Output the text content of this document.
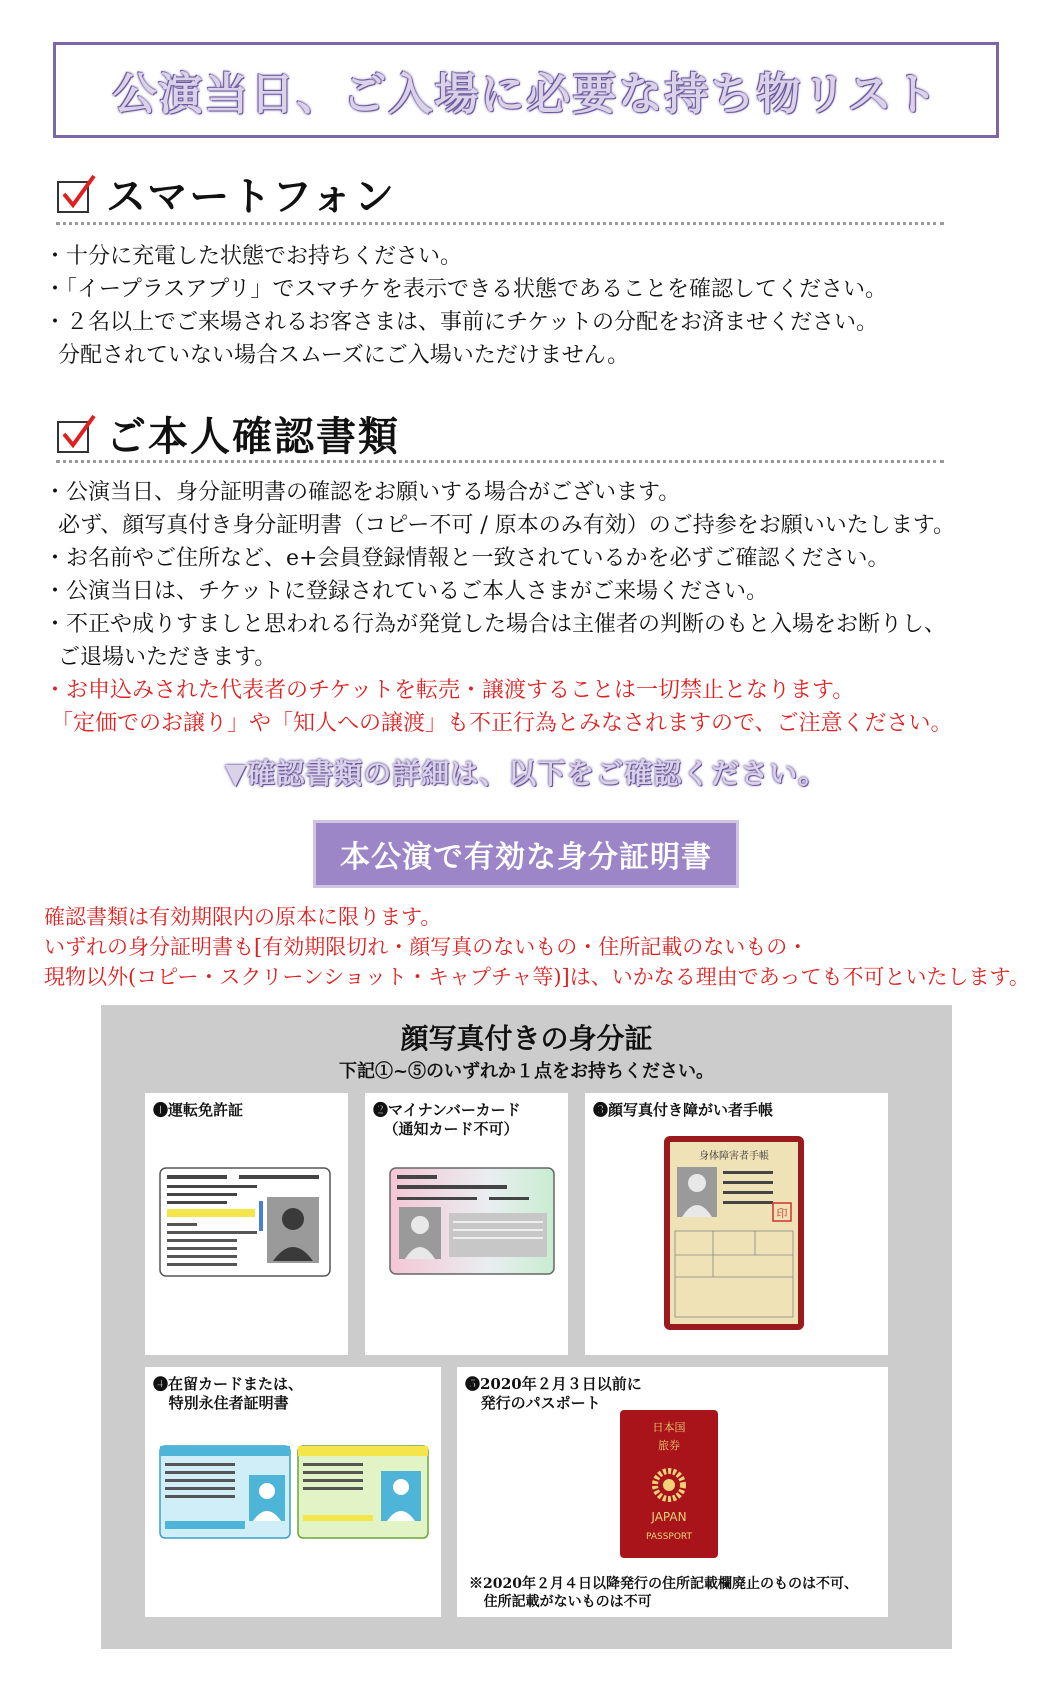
公演当日、ご入場に必要な持ち物リスト
スマートフォン
・十分に充電した状態でお持ちください。
・「イープラスアプリ」でスマチケを表示できる状態であることを確認してください。
・２名以上でご来場されるお客さまは、事前にチケットの分配をお済ませください。
分配されていない場合スムーズにご入場いただけません。
ご本人確認書類
・公演当日、身分証明書の確認をお願いする場合がございます。
必ず、顔写真付き身分証明書（コピー不可 / 原本のみ有効）のご持参をお願いいたします。
・お名前やご住所など、e+会員登録情報と一致されているかを必ずご確認ください。
・公演当日は、チケットに登録されているご本人さまがご来場ください。
・不正や成りすましと思われる行為が発覚した場合は主催者の判断のもと入場をお断りし、
ご退場いただきます。
・お申込みされた代表者のチケットを転売・譲渡することは一切禁止となります。
「定価でのお譲り」や「知人への譲渡」も不正行為とみなされますので、ご注意ください。
▼確認書類の詳細は、以下をご確認ください。
本公演で有効な身分証明書
確認書類は有効期限内の原本に限ります。
いずれの身分証明書も[有効期限切れ・顔写真のないもの・住所記載のないもの・
現物以外(コピー・スクリーンショット・キャプチャ等)]は、いかなる理由であっても不可といたします。
顔写真付きの身分証
下記①~⑤のいずれか１点をお持ちください。
❶運転免許証	❷マイナンバーカード
（通知カード不可）
❸顔写真付き障がい者手帳
身体障害者手帳
印
❹在留カードまたは、
特別永住者証明書
❺2020年２月３日以前に
発行のパスポート
日本国
旅券
JAPAN
PASSPORT
※2020年２月４日以降発行の住所記載欄廃止のものは不可、
住所記載がないものは不可
